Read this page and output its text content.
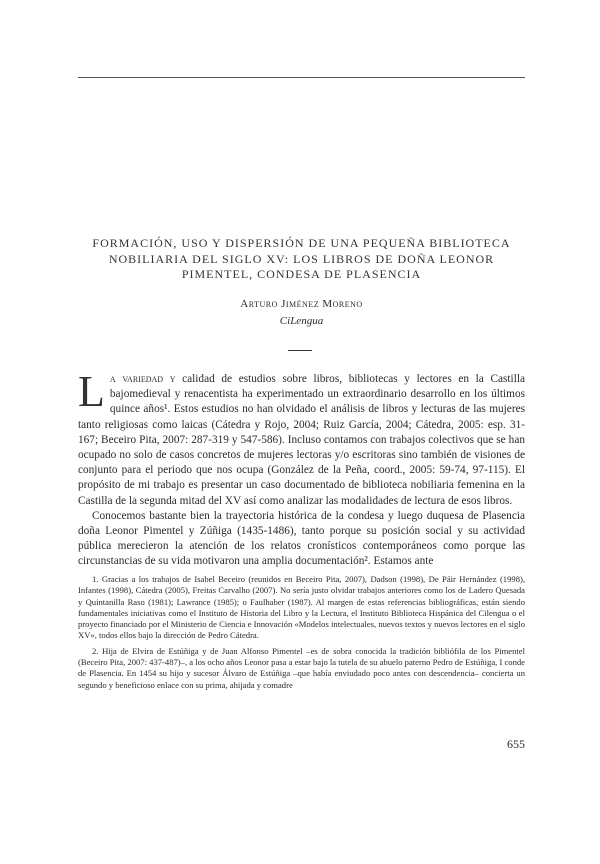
FORMACIÓN, USO Y DISPERSIÓN DE UNA PEQUEÑA BIBLIOTECA
NOBILIARIA DEL SIGLO XV: LOS LIBROS DE DOÑA LEONOR
PIMENTEL, CONDESA DE PLASENCIA
Arturo Jiménez Moreno
CiLengua

La variedad y calidad de estudios sobre libros, bibliotecas y lectores en la Castilla bajomedieval y renacentista ha experimentado un extraordinario desarrollo en los últimos quince años¹. Estos estudios no han olvidado el análisis de libros y lecturas de las mujeres tanto religiosas como laicas (Cátedra y Rojo, 2004; Ruiz García, 2004; Cátedra, 2005: esp. 31-167; Beceiro Pita, 2007: 287-319 y 547-586). Incluso contamos con trabajos colectivos que se han ocupado no solo de casos concretos de mujeres lectoras y/o escritoras sino también de visiones de conjunto para el periodo que nos ocupa (González de la Peña, coord., 2005: 59-74, 97-115). El propósito de mi trabajo es presentar un caso documentado de biblioteca nobiliaria femenina en la Castilla de la segunda mitad del XV así como analizar las modalidades de lectura de esos libros.

Conocemos bastante bien la trayectoria histórica de la condesa y luego duquesa de Plasencia doña Leonor Pimentel y Zúñiga (1435-1486), tanto porque su posición social y su actividad pública merecieron la atención de los relatos cronísticos contemporáneos como porque las circunstancias de su vida motivaron una amplia documentación². Estamos ante

1. Gracias a los trabajos de Isabel Beceiro (reunidos en Beceiro Pita, 2007), Dadson (1998), De Páir Hernández (1998), Infantes (1998), Cátedra (2005), Freitas Carvalho (2007). No sería justo olvidar trabajos anteriores como los de Ladero Quesada y Quintanilla Raso (1981); Lawrance (1985); o Faulhaber (1987). Al margen de estas referencias bibliográficas, están siendo fundamentales iniciativas como el Instituto de Historia del Libro y la Lectura, el Instituto Biblioteca Hispánica del Cilengua o el proyecto financiado por el Ministerio de Ciencia e Innovación «Modelos intelectuales, nuevos textos y nuevos lectores en el siglo XV», todos ellos bajo la dirección de Pedro Cátedra.

2. Hija de Elvira de Estúñiga y de Juan Alfonso Pimentel –es de sobra conocida la tradición bibliófila de los Pimentel (Beceiro Pita, 2007: 437-487)–, a los ocho años Leonor pasa a estar bajo la tutela de su abuelo paterno Pedro de Estúñiga, I conde de Plasencia. En 1454 su hijo y sucesor Álvaro de Estúñiga –que había enviudado poco antes con descendencia– concierta un segundo y beneficioso enlace con su prima, ahijada y comadre

655
